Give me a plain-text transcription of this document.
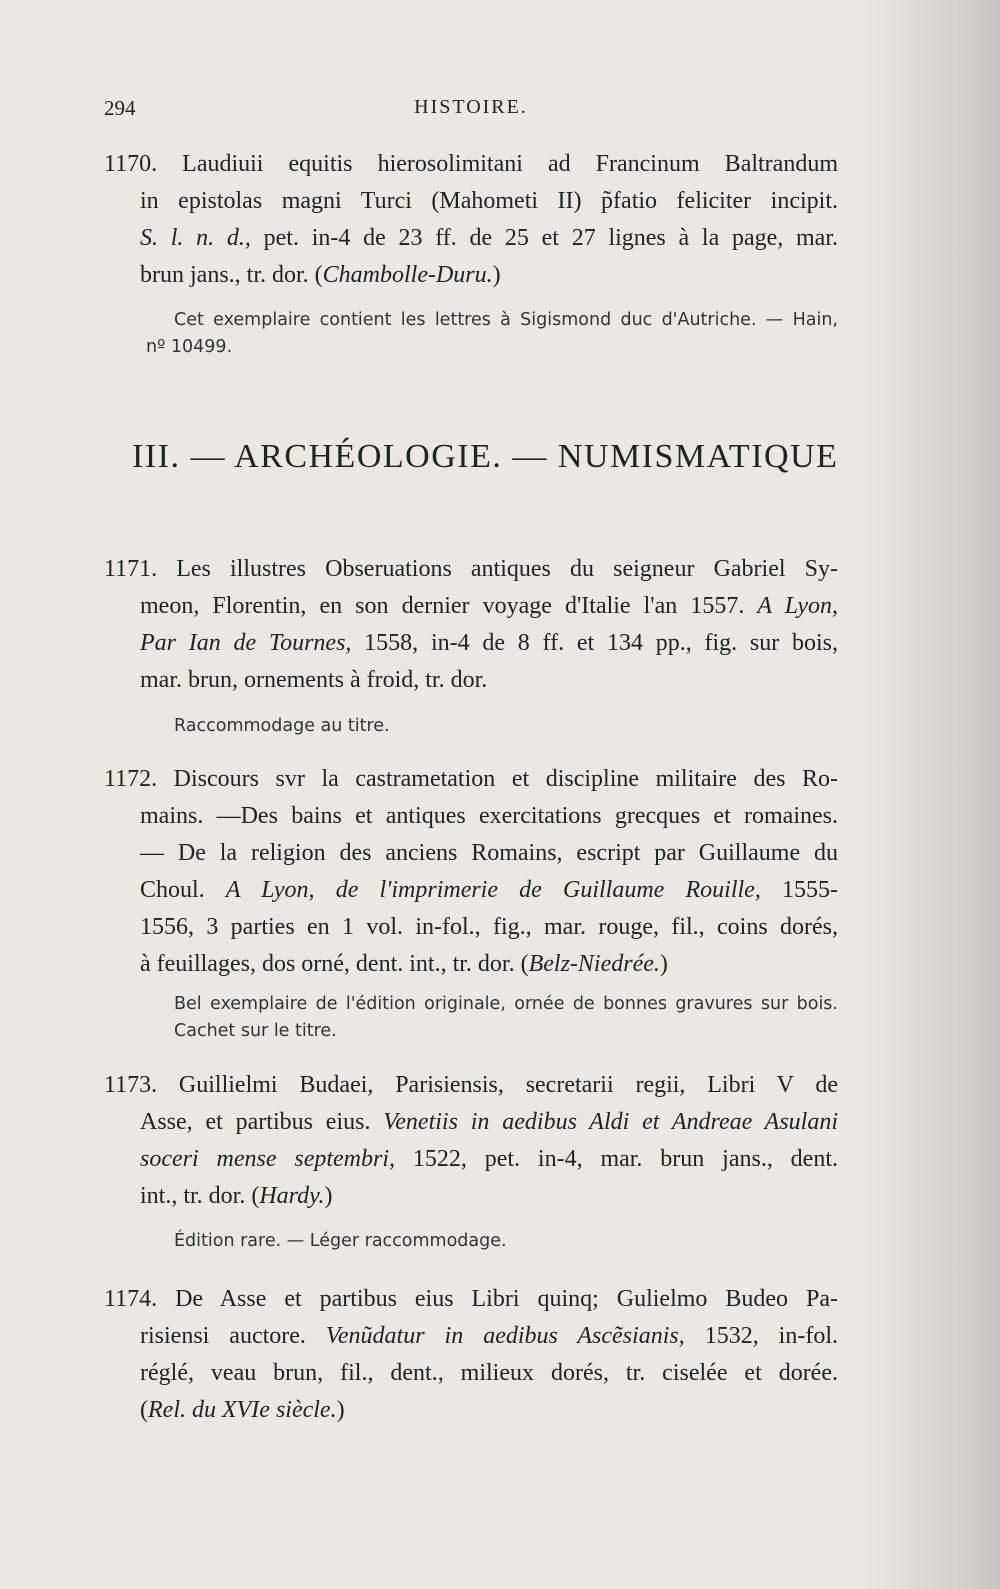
294	HISTOIRE.
1170. Laudiuii equitis hierosolimitani ad Francinum Baltrandum
in epistolas magni Turci (Mahometi II) p̃fatio feliciter incipit.
S. l. n. d., pet. in-4 de 23 ff. de 25 et 27 lignes à la page, mar.
brun jans., tr. dor. (Chambolle-Duru.)
Cet exemplaire contient les lettres à Sigismond duc d'Autriche. — Hain,
nº 10499.
III. — ARCHÉOLOGIE. — NUMISMATIQUE
1171. Les illustres Obseruations antiques du seigneur Gabriel Sy-
meon, Florentin, en son dernier voyage d'Italie l'an 1557. A Lyon,
Par Ian de Tournes, 1558, in-4 de 8 ff. et 134 pp., fig. sur bois,
mar. brun, ornements à froid, tr. dor.
Raccommodage au titre.
1172. Discours svr la castrametation et discipline militaire des Ro-
mains. —Des bains et antiques exercitations grecques et romaines.
— De la religion des anciens Romains, escript par Guillaume du
Choul. A Lyon, de l'imprimerie de Guillaume Rouille, 1555-
1556, 3 parties en 1 vol. in-fol., fig., mar. rouge, fil., coins dorés,
à feuillages, dos orné, dent. int., tr. dor. (Belz-Niedrée.)
Bel exemplaire de l'édition originale, ornée de bonnes gravures sur bois.
Cachet sur le titre.
1173. Guillielmi Budaei, Parisiensis, secretarii regii, Libri V de
Asse, et partibus eius. Venetiis in aedibus Aldi et Andreae Asulani
soceri mense septembri, 1522, pet. in-4, mar. brun jans., dent.
int., tr. dor. (Hardy.)
Édition rare. — Léger raccommodage.
1174. De Asse et partibus eius Libri quinq; Gulielmo Budeo Pa-
risiensi auctore. Venũdatur in aedibus Ascẽsianis, 1532, in-fol.
réglé, veau brun, fil., dent., milieux dorés, tr. ciselée et dorée.
(Rel. du XVIe siècle.)
